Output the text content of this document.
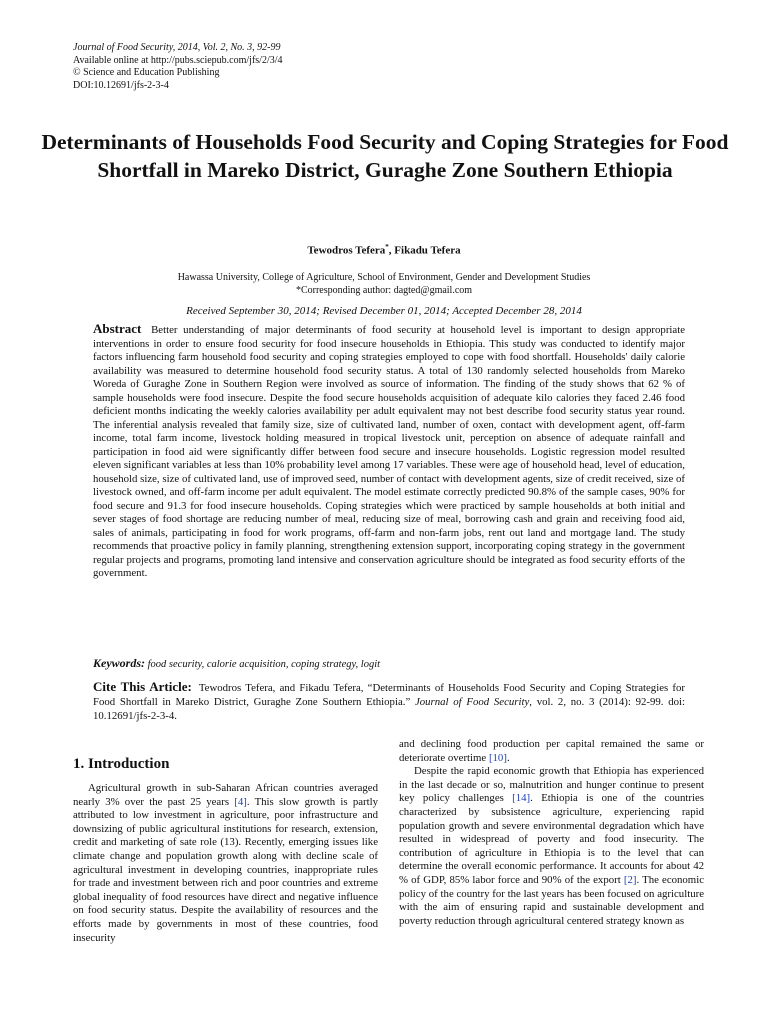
Journal of Food Security, 2014, Vol. 2, No. 3, 92-99
Available online at http://pubs.sciepub.com/jfs/2/3/4
© Science and Education Publishing
DOI:10.12691/jfs-2-3-4
Determinants of Households Food Security and Coping Strategies for Food Shortfall in Mareko District, Guraghe Zone Southern Ethiopia
Tewodros Tefera*, Fikadu Tefera
Hawassa University, College of Agriculture, School of Environment, Gender and Development Studies
*Corresponding author: dagted@gmail.com
Received September 30, 2014; Revised December 01, 2014; Accepted December 28, 2014
Abstract Better understanding of major determinants of food security at household level is important to design appropriate interventions in order to ensure food security for food insecure households in Ethiopia. This study was conducted to identify major factors influencing farm household food security and coping strategies employed to cope with food shortfall. Households' daily calorie availability was measured to determine household food security status. A total of 130 randomly selected households from Mareko Woreda of Guraghe Zone in Southern Region were involved as source of information. The finding of the study shows that 62 % of sample households were food insecure. Despite the food secure households acquisition of adequate kilo calories they faced 2.46 food deficient months indicating the weekly calories availability per adult equivalent may not best describe food security status year round. The inferential analysis revealed that family size, size of cultivated land, number of oxen, contact with development agent, off-farm income, total farm income, livestock holding measured in tropical livestock unit, perception on absence of adequate rainfall and participation in food aid were significantly differ between food secure and insecure households. Logistic regression model resulted eleven significant variables at less than 10% probability level among 17 variables. These were age of household head, level of education, household size, size of cultivated land, use of improved seed, number of contact with development agents, size of credit received, size of livestock owned, and off-farm income per adult equivalent. The model estimate correctly predicted 90.8% of the sample cases, 90% for food secure and 91.3 for food insecure households. Coping strategies which were practiced by sample households at both initial and sever stages of food shortage are reducing number of meal, reducing size of meal, borrowing cash and grain and receiving food aid, sales of animals, participating in food for work programs, off-farm and non-farm jobs, rent out land and mortgage land. The study recommends that proactive policy in family planning, strengthening extension support, incorporating coping strategy in the government regular projects and programs, promoting land intensive and conservation agriculture should be integrated as food security efforts of the government.
Keywords: food security, calorie acquisition, coping strategy, logit
Cite This Article: Tewodros Tefera, and Fikadu Tefera, “Determinants of Households Food Security and Coping Strategies for Food Shortfall in Mareko District, Guraghe Zone Southern Ethiopia.” Journal of Food Security, vol. 2, no. 3 (2014): 92-99. doi: 10.12691/jfs-2-3-4.
1. Introduction

Agricultural growth in sub-Saharan African countries averaged nearly 3% over the past 25 years [4]. This slow growth is partly attributed to low investment in agriculture, poor infrastructure and downsizing of public agricultural institutions for research, extension, credit and marketing of sate role (13). Recently, emerging issues like climate change and population growth along with decline scale of agricultural investment in developing countries, inappropriate rules for trade and investment between rich and poor countries and extreme global inequality of food resources have direct and negative influence on food security status. Despite the availability of resources and the efforts made by governments in most of these countries, food insecurity

and declining food production per capital remained the same or deteriorate overtime [10].

Despite the rapid economic growth that Ethiopia has experienced in the last decade or so, malnutrition and hunger continue to present key policy challenges [14]. Ethiopia is one of the countries characterized by subsistence agriculture, experiencing rapid population growth and severe environmental degradation which have resulted in widespread of poverty and food insecurity. The contribution of agriculture in Ethiopia is to the level that can determine the overall economic performance. It accounts for about 42 % of GDP, 85% labor force and 90% of the export [2]. The economic policy of the country for the last years has been focused on agriculture with the aim of ensuring rapid and sustainable development and poverty reduction through agricultural centered strategy known as
